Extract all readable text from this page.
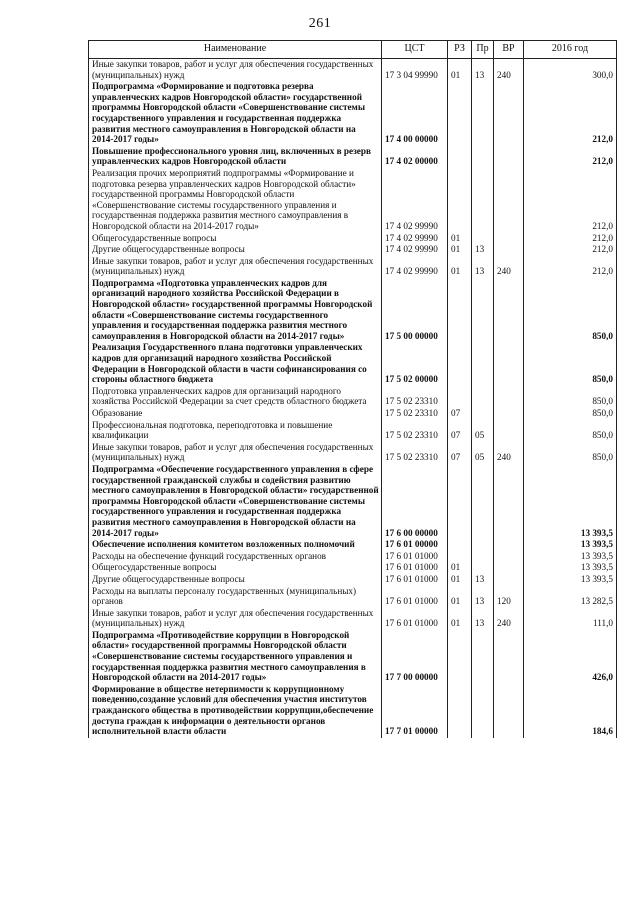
261
Наименование	ЦСТ	РЗ	Пр	ВР	2016 год
Иные закупки товаров, работ и услуг для обеспечения государственных (муниципальных) нужд	17 3 04 99990	01	13	240	300,0
Подпрограмма «Формирование и подготовка резерва управленческих кадров Новгородской области» государственной программы Новгородской области «Совершенствование системы государственного управления и государственная поддержка развития местного самоуправления в Новгородской области на 2014-2017 годы»	17 4 00 00000				212,0
Повышение профессионального уровня лиц, включенных в резерв управленческих кадров Новгородской области	17 4 02 00000				212,0
Реализация прочих мероприятий подпрограммы «Формирование и подготовка резерва управленческих кадров Новгородской области» государственной программы Новгородской области «Совершенствование системы государственного управления и государственная поддержка развития местного самоуправления в Новгородской области на 2014-2017 годы»	17 4 02 99990				212,0
Общегосударственные вопросы	17 4 02 99990	01			212,0
Другие общегосударственные вопросы	17 4 02 99990	01	13		212,0
Иные закупки товаров, работ и услуг для обеспечения государственных (муниципальных) нужд	17 4 02 99990	01	13	240	212,0
Подпрограмма «Подготовка управленческих кадров для организаций народного хозяйства Российской Федерации в Новгородской области» государственной программы Новгородской области «Совершенствование системы государственного управления и государственная поддержка развития местного самоуправления в Новгородской области на 2014-2017 годы»	17 5 00 00000				850,0
Реализация Государственного плана подготовки управленческих кадров для организаций народного хозяйства Российской Федерации в Новгородской области в части софинансирования со стороны областного бюджета	17 5 02 00000				850,0
Подготовка управленческих кадров для организаций народного хозяйства Российской Федерации за счет средств областного бюджета	17 5 02 23310				850,0
Образование	17 5 02 23310	07			850,0
Профессиональная подготовка, переподготовка и повышение квалификации	17 5 02 23310	07	05		850,0
Иные закупки товаров, работ и услуг для обеспечения государственных (муниципальных) нужд	17 5 02 23310	07	05	240	850,0
Подпрограмма «Обеспечение государственного управления в сфере государственной гражданской службы и содействия развитию местного самоуправления в Новгородской области» государственной программы Новгородской области «Совершенствование системы государственного управления и государственная поддержка развития местного самоуправления в Новгородской области на 2014-2017 годы»	17 6 00 00000				13 393,5
Обеспечение исполнения комитетом возложенных полномочий	17 6 01 00000				13 393,5
Расходы на обеспечение функций государственных органов	17 6 01 01000				13 393,5
Общегосударственные вопросы	17 6 01 01000	01			13 393,5
Другие общегосударственные вопросы	17 6 01 01000	01	13		13 393,5
Расходы на выплаты персоналу государственных (муниципальных) органов	17 6 01 01000	01	13	120	13 282,5
Иные закупки товаров, работ и услуг для обеспечения государственных (муниципальных) нужд	17 6 01 01000	01	13	240	111,0
Подпрограмма «Противодействие коррупции в Новгородской области» государственной программы Новгородской области «Совершенствование системы государственного управления и государственная поддержка развития местного самоуправления в Новгородской области на 2014-2017 годы»	17 7 00 00000				426,0
Формирование в обществе нетерпимости к коррупционному поведению,создание условий для обеспечения участия институтов гражданского общества в противодействии коррупции,обеспечение доступа граждан к информации о деятельности органов исполнительной власти области	17 7 01 00000				184,6
